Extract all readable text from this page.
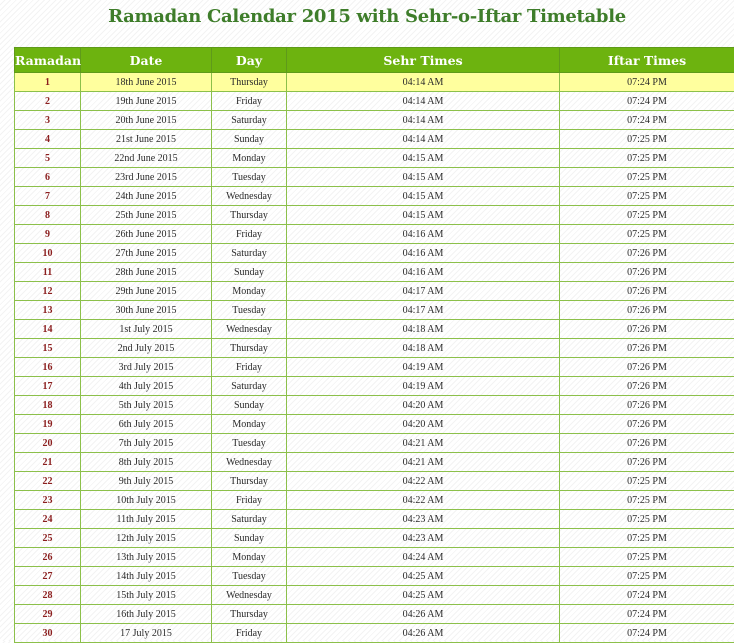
Ramadan Calendar 2015 with Sehr-o-Iftar Timetable
Ramadan	Date	Day	Sehr Times	Iftar Times
1	18th June 2015	Thursday	04:14 AM	07:24 PM
2	19th June 2015	Friday	04:14 AM	07:24 PM
3	20th June 2015	Saturday	04:14 AM	07:24 PM
4	21st June 2015	Sunday	04:14 AM	07:25 PM
5	22nd June 2015	Monday	04:15 AM	07:25 PM
6	23rd June 2015	Tuesday	04:15 AM	07:25 PM
7	24th June 2015	Wednesday	04:15 AM	07:25 PM
8	25th June 2015	Thursday	04:15 AM	07:25 PM
9	26th June 2015	Friday	04:16 AM	07:25 PM
10	27th June 2015	Saturday	04:16 AM	07:26 PM
11	28th June 2015	Sunday	04:16 AM	07:26 PM
12	29th June 2015	Monday	04:17 AM	07:26 PM
13	30th June 2015	Tuesday	04:17 AM	07:26 PM
14	1st July 2015	Wednesday	04:18 AM	07:26 PM
15	2nd July 2015	Thursday	04:18 AM	07:26 PM
16	3rd July 2015	Friday	04:19 AM	07:26 PM
17	4th July 2015	Saturday	04:19 AM	07:26 PM
18	5th July 2015	Sunday	04:20 AM	07:26 PM
19	6th July 2015	Monday	04:20 AM	07:26 PM
20	7th July 2015	Tuesday	04:21 AM	07:26 PM
21	8th July 2015	Wednesday	04:21 AM	07:26 PM
22	9th July 2015	Thursday	04:22 AM	07:25 PM
23	10th July 2015	Friday	04:22 AM	07:25 PM
24	11th July 2015	Saturday	04:23 AM	07:25 PM
25	12th July 2015	Sunday	04:23 AM	07:25 PM
26	13th July 2015	Monday	04:24 AM	07:25 PM
27	14th July 2015	Tuesday	04:25 AM	07:25 PM
28	15th July 2015	Wednesday	04:25 AM	07:24 PM
29	16th July 2015	Thursday	04:26 AM	07:24 PM
30	17 July 2015	Friday	04:26 AM	07:24 PM
